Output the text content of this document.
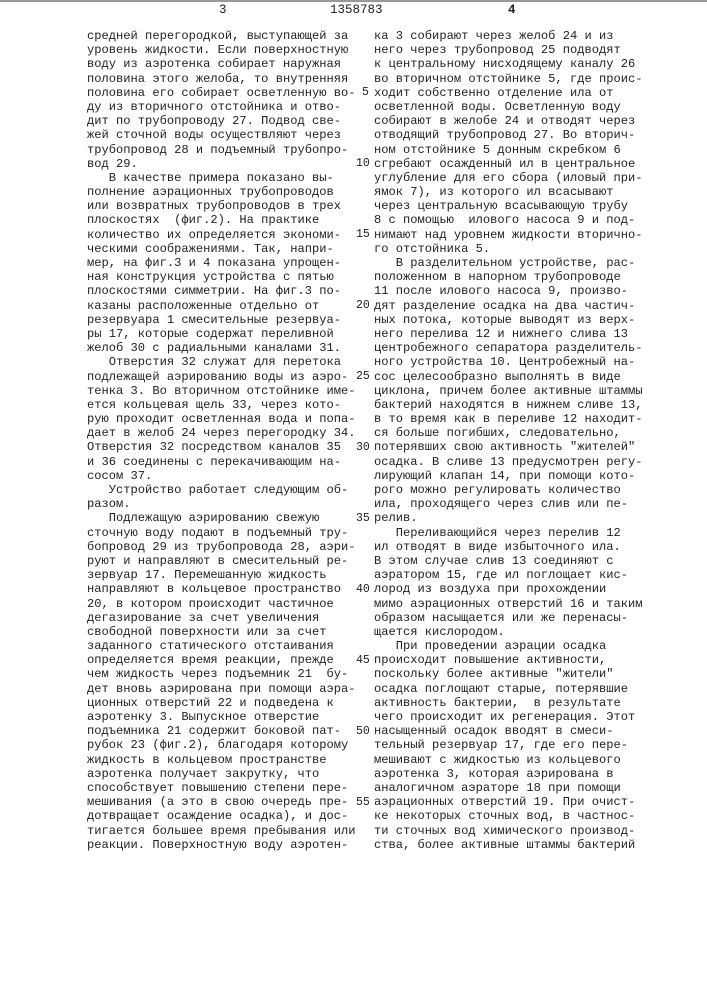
3	1358783	4
средней перегородкой, выступающей за
уровень жидкости. Если поверхностную
воду из аэротенка собирает наружная
половина этого желоба, то внутренняя
половина его собирает осветленную во-
ду из вторичного отстойника и отво-
дит по трубопроводу 27. Подвод све-
жей сточной воды осуществляют через
трубопровод 28 и подъемный трубопро-
вод 29.
В качестве примера показано вы-
полнение аэрационных трубопроводов
или возвратных трубопроводов в трех
плоскостях  (фиг.2). На практике
количество их определяется экономи-
ческими соображениями. Так, напри-
мер, на фиг.3 и 4 показана упрощен-
ная конструкция устройства с пятью
плоскостями симметрии. На фиг.3 по-
казаны расположенные отдельно от
резервуара 1 смесительные резервуа-
ры 17, которые содержат переливной
желоб 30 с радиальными каналами 31.
Отверстия 32 служат для перетока
подлежащей аэрированию воды из аэро-
тенка 3. Во вторичном отстойнике име-
ется кольцевая щель 33, через кото-
рую проходит осветленная вода и попа-
дает в желоб 24 через перегородку 34.
Отверстия 32 посредством каналов 35
и 36 соединены с перекачивающим на-
сосом 37.
Устройство работает следующим об-
разом.
Подлежащую аэрированию свежую
сточную воду подают в подъемный тру-
бопровод 29 из трубопровода 28, аэри-
руют и направляют в смесительный ре-
зервуар 17. Перемешанную жидкость
направляют в кольцевое пространство
20, в котором происходит частичное
дегазирование за счет увеличения
свободной поверхности или за счет
заданного статического отстаивания
определяется время реакции, прежде
чем жидкость через подъемник 21  бу-
дет вновь аэрирована при помощи аэра-
ционных отверстий 22 и подведена к
аэротенку 3. Выпускное отверстие
подъемника 21 содержит боковой пат-
рубок 23 (фиг.2), благодаря которому
жидкость в кольцевом пространстве
аэротенка получает закрутку, что
способствует повышению степени пере-
мешивания (а это в свою очередь пре-
дотвращает осаждение осадка), и дос-
тигается большее время пребывания или
реакции. Поверхностную воду аэротен-
5
10
15
20
25
30
35
40
45
50
55
ка 3 собирают через желоб 24 и из
него через трубопровод 25 подводят
к центральному нисходящему каналу 26
во вторичном отстойнике 5, где проис-
ходит собственно отделение ила от
осветленной воды. Осветленную воду
собирают в желобе 24 и отводят через
отводящий трубопровод 27. Во вторич-
ном отстойнике 5 донным скребком 6
сгребают осажденный ил в центральное
углубление для его сбора (иловый при-
ямок 7), из которого ил всасывают
через центральную всасывающую трубу
8 с помощью  илового насоса 9 и под-
нимают над уровнем жидкости вторично-
го отстойника 5.
В разделительном устройстве, рас-
положенном в напорном трубопроводе
11 после илового насоса 9, произво-
дят разделение осадка на два частич-
ных потока, которые выводят из верх-
него перелива 12 и нижнего слива 13
центробежного сепаратора разделитель-
ного устройства 10. Центробежный на-
сос целесообразно выполнять в виде
циклона, причем более активные штаммы
бактерий находятся в нижнем сливе 13,
в то время как в переливе 12 находит-
ся больше погибших, следовательно,
потерявших свою активность "жителей"
осадка. В сливе 13 предусмотрен регу-
лирующий клапан 14, при помощи кото-
рого можно регулировать количество
ила, проходящего через слив или пе-
релив.
Переливающийся через перелив 12
ил отводят в виде избыточного ила.
В этом случае слив 13 соединяют с
аэратором 15, где ил поглощает кис-
лород из воздуха при прохождении
мимо аэрационных отверстий 16 и таким
образом насыщается или же перенасы-
щается кислородом.
При проведении аэрации осадка
происходит повышение активности,
поскольку более активные "жители"
осадка поглощают старые, потерявшие
активность бактерии,  в результате
чего происходит их регенерация. Этот
насыщенный осадок вводят в смеси-
тельный резервуар 17, где его пере-
мешивают с жидкостью из кольцевого
аэротенка 3, которая аэрирована в
аналогичном аэраторе 18 при помощи
аэрационных отверстий 19. При очист-
ке некоторых сточных вод, в частнос-
ти сточных вод химического производ-
ства, более активные штаммы бактерий
